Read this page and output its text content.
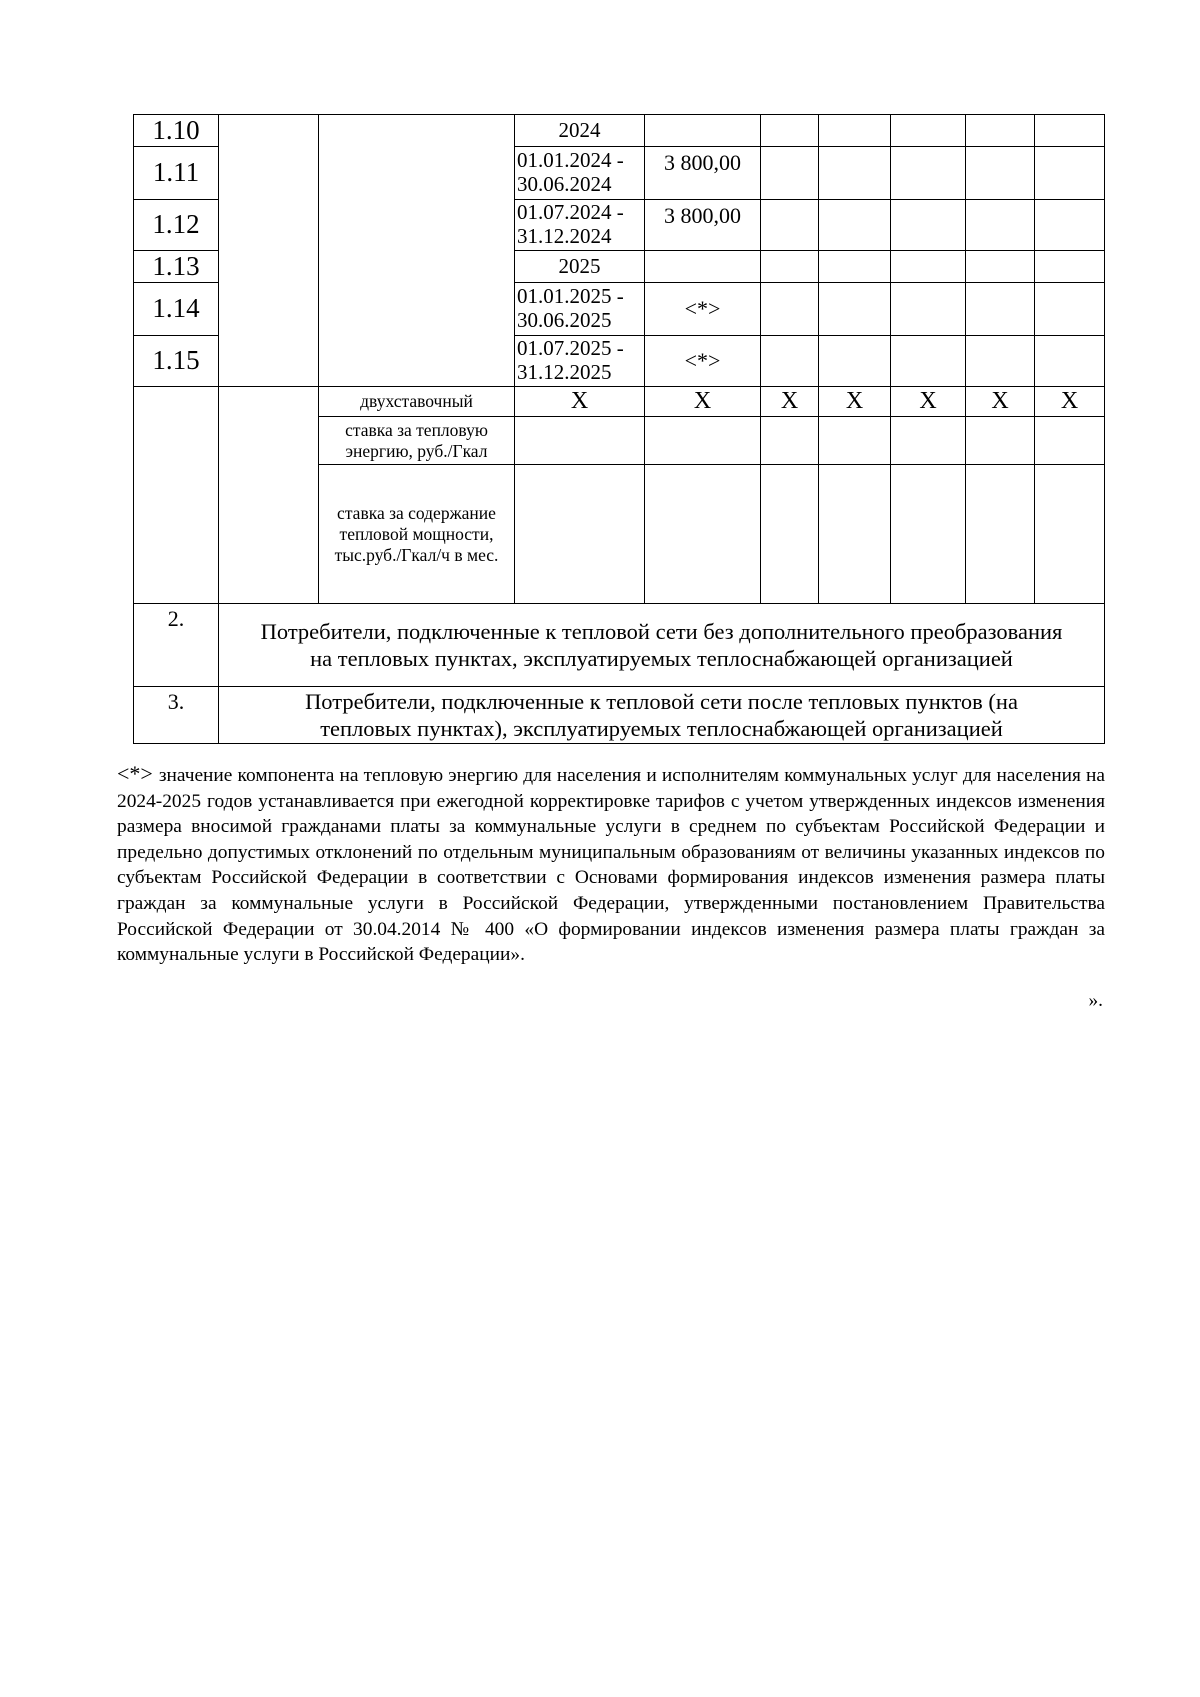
1.10			2024						
1.11			01.01.2024 - 30.06.2024	3 800,00					
1.12			01.07.2024 - 31.12.2024	3 800,00					
1.13			2025						
1.14			01.01.2025 - 30.06.2025	<*>					
1.15			01.07.2025 - 31.12.2025	<*>					
		двухставочный	X	X	X	X	X	X	X
		ставка за тепловую энергию, руб./Гкал							
		ставка за содержание тепловой мощности, тыс.руб./Гкал/ч в мес.							
2.	Потребители, подключенные к тепловой сети без дополнительного преобразования на тепловых пунктах, эксплуатируемых теплоснабжающей организацией								
3.	Потребители, подключенные к тепловой сети после тепловых пунктов (на тепловых пунктах), эксплуатируемых теплоснабжающей организацией								

<*> значение компонента на тепловую энергию для населения и исполнителям коммунальных услуг для населения на 2024-2025 годов устанавливается при ежегодной корректировке тарифов с учетом утвержденных индексов изменения размера вносимой гражданами платы за коммунальные услуги в среднем по субъектам Российской Федерации и предельно допустимых отклонений по отдельным муниципальным образованиям от величины указанных индексов по субъектам Российской Федерации в соответствии с Основами формирования индексов изменения размера платы граждан за коммунальные услуги в Российской Федерации, утвержденными постановлением Правительства Российской Федерации от 30.04.2014 № 400 «О формировании индексов изменения размера платы граждан за коммунальные услуги в Российской Федерации».

».
